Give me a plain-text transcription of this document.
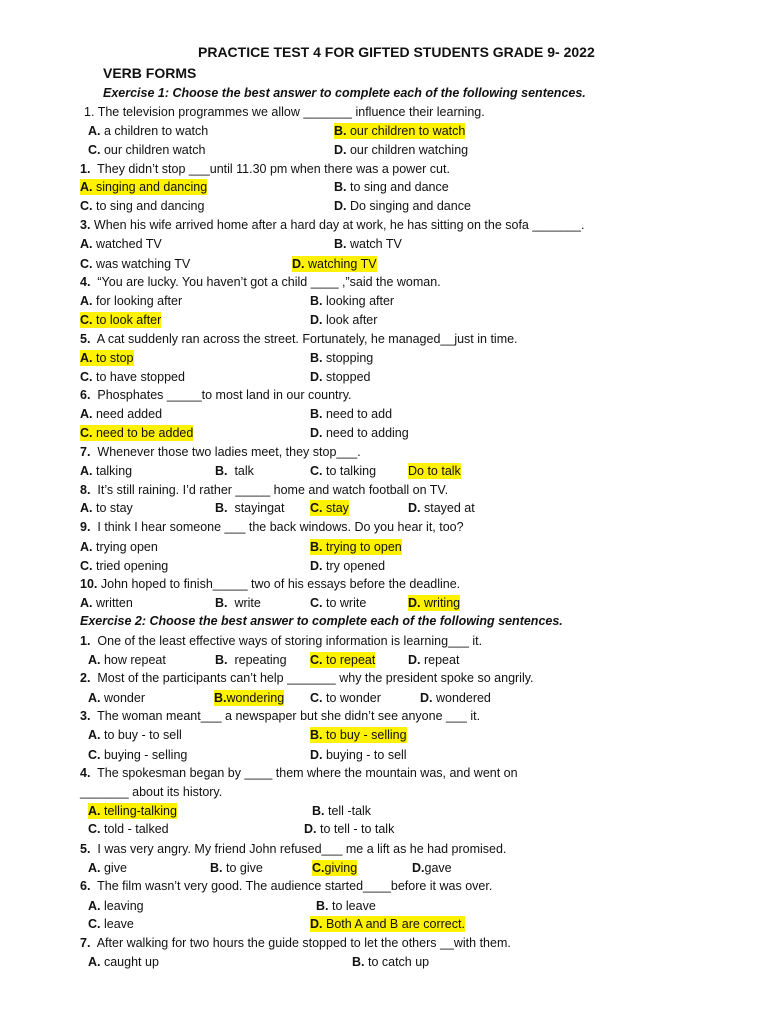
PRACTICE TEST 4 FOR GIFTED STUDENTS GRADE 9- 2022
VERB FORMS
Exercise 1: Choose the best answer to complete each of the following sentences.
1. The television programmes we allow _______ influence their learning.
A. a children to watch	B. our children to watch
C. our children watch	D. our children watching
1. They didn’t stop ___until 11.30 pm when there was a power cut.
A. singing and dancing	B. to sing and dance
C. to sing and dancing	D. Do singing and dance
3. When his wife arrived home after a hard day at work, he has sitting on the sofa _______.
A. watched TV	B. watch TV
C. was watching TV	D. watching TV
4. “You are lucky. You haven’t got a child ____ ,”said the woman.
A. for looking after	B. looking after
C. to look after	D. look after
5. A cat suddenly ran across the street. Fortunately, he managed__just in time.
A. to stop	B. stopping
C. to have stopped	D. stopped
6. Phosphates _____to most land in our country.
A. need added	B. need to add
C. need to be added	D. need to adding
7. Whenever those two ladies meet, they stop___.
A. talking	B. talk	C. to talking	Do to talk
8. It’s still raining. I’d rather _____ home and watch football on TV.
A. to stay	B. stayingat C. stay	D. stayed at
9. I think I hear someone ___ the back windows. Do you hear it, too?
A. trying open	B. trying to open
C. tried opening	D. try opened
10. John hoped to finish_____ two of his essays before the deadline.
A. written	B. write	C. to write	D. writing
Exercise 2: Choose the best answer to complete each of the following sentences.
1. One of the least effective ways of storing information is learning___ it.
A. how repeat	B. repeating C. to repeat	D. repeat
2. Most of the participants can’t help _______ why the president spoke so angrily.
A. wonder	B.wondering C. to wonder	D. wondered
3. The woman meant___ a newspaper but she didn’t see anyone ___ it.
A. to buy - to sell	B. to buy - selling
C. buying - selling	D. buying - to sell
4. The spokesman began by ____ them where the mountain was, and went on
_______ about its history.
A. telling-talking	B. tell -talk
C. told - talked	D. to tell - to talk
5. I was very angry. My friend John refused___ me a lift as he had promised.
A. give	B. to give	C.giving	D.gave
6. The film wasn’t very good. The audience started____before it was over.
A. leaving	B. to leave
C. leave	D. Both A and B are correct.
7. After walking for two hours the guide stopped to let the others __with them.
A. caught up	B. to catch up
